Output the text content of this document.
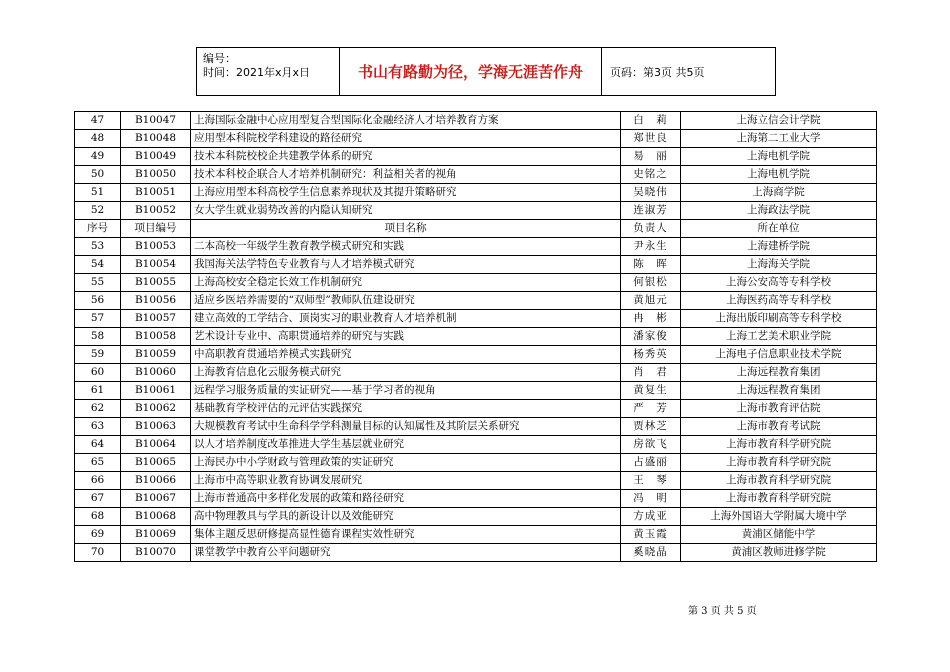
编号：
时间：2021年x月x日	书山有路勤为径，学海无涯苦作舟	页码：第3页 共5页
47	B10047	上海国际金融中心应用型复合型国际化金融经济人才培养教育方案	白　莉	上海立信会计学院
48	B10048	应用型本科院校学科建设的路径研究	郑世良	上海第二工业大学
49	B10049	技术本科院校校企共建教学体系的研究	易　丽	上海电机学院
50	B10050	技术本科校企联合人才培养机制研究：利益相关者的视角	史铭之	上海电机学院
51	B10051	上海应用型本科高校学生信息素养现状及其提升策略研究	吴晓伟	上海商学院
52	B10052	女大学生就业弱势改善的内隐认知研究	连淑芳	上海政法学院
序号	项目编号	项目名称	负责人	所在单位
53	B10053	二本高校一年级学生教育教学模式研究和实践	尹永生	上海建桥学院
54	B10054	我国海关法学特色专业教育与人才培养模式研究	陈　晖	上海海关学院
55	B10055	上海高校安全稳定长效工作机制研究	何银松	上海公安高等专科学校
56	B10056	适应乡医培养需要的“双师型”教师队伍建设研究	黄旭元	上海医药高等专科学校
57	B10057	建立高效的工学结合、顶岗实习的职业教育人才培养机制	冉　彬	上海出版印刷高等专科学校
58	B10058	艺术设计专业中、高职贯通培养的研究与实践	潘家俊	上海工艺美术职业学院
59	B10059	中高职教育贯通培养模式实践研究	杨秀英	上海电子信息职业技术学院
60	B10060	上海教育信息化云服务模式研究	肖　君	上海远程教育集团
61	B10061	远程学习服务质量的实证研究——基于学习者的视角	黄复生	上海远程教育集团
62	B10062	基础教育学校评估的元评估实践探究	严　芳	上海市教育评估院
63	B10063	大规模教育考试中生命科学学科测量目标的认知属性及其阶层关系研究	贾林芝	上海市教育考试院
64	B10064	以人才培养制度改革推进大学生基层就业研究	房欲飞	上海市教育科学研究院
65	B10065	上海民办中小学财政与管理政策的实证研究	占盛丽	上海市教育科学研究院
66	B10066	上海市中高等职业教育协调发展研究	王　琴	上海市教育科学研究院
67	B10067	上海市普通高中多样化发展的政策和路径研究	冯　明	上海市教育科学研究院
68	B10068	高中物理教具与学具的新设计以及效能研究	方成亚	上海外国语大学附属大境中学
69	B10069	集体主题反思研修提高显性德育课程实效性研究	黄玉霞	黄浦区储能中学
70	B10070	课堂教学中教育公平问题研究	奚晓晶	黄浦区教师进修学院
第 3 页 共 5 页
